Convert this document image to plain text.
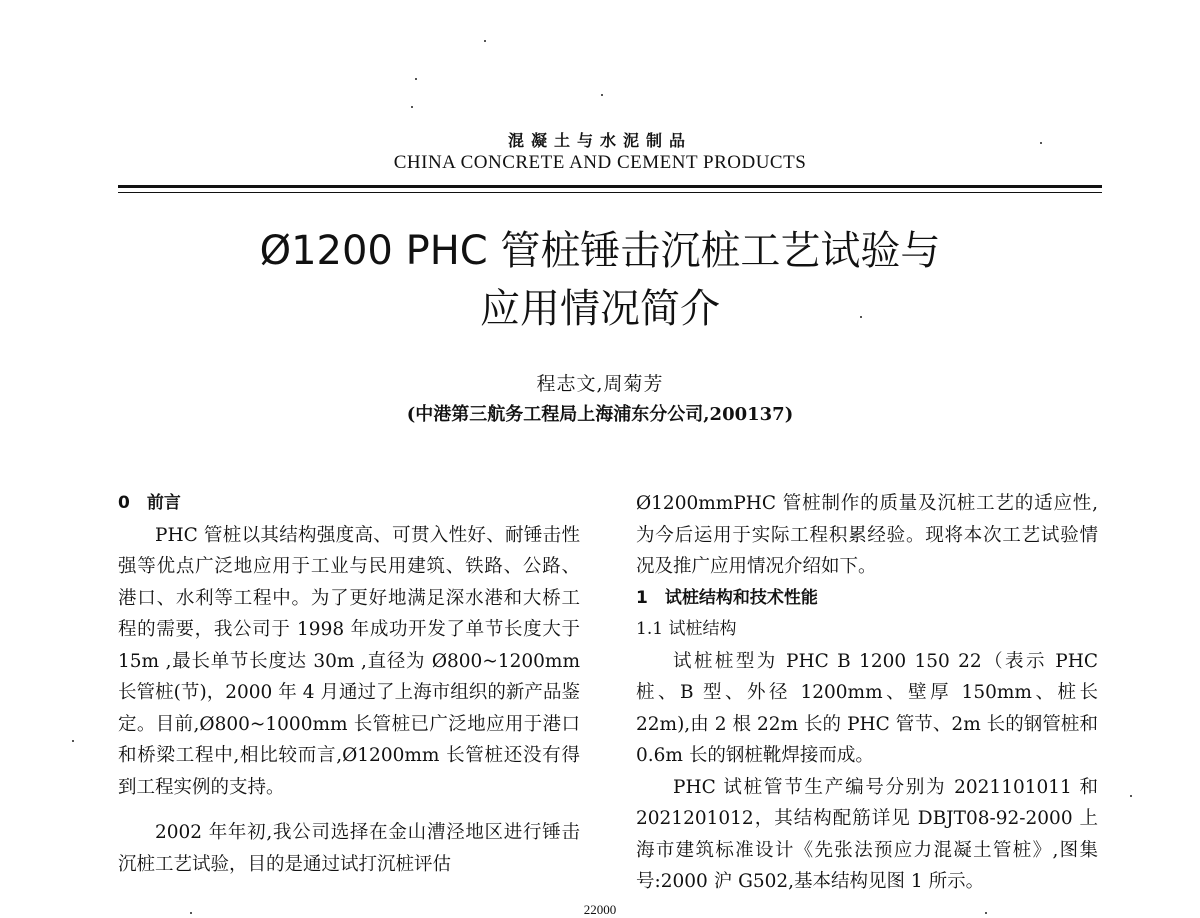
混凝土与水泥制品
CHINA CONCRETE AND CEMENT PRODUCTS
Ø1200 PHC 管桩锤击沉桩工艺试验与
应用情况简介
程志文,周菊芳
(中港第三航务工程局上海浦东分公司,200137)

0　前言

PHC 管桩以其结构强度高、可贯入性好、耐锤击性强等优点广泛地应用于工业与民用建筑、铁路、公路、港口、水利等工程中。为了更好地满足深水港和大桥工程的需要，我公司于 1998 年成功开发了单节长度大于 15m ,最长单节长度达 30m ,直径为 Ø800~1200mm 长管桩(节)，2000 年 4 月通过了上海市组织的新产品鉴定。目前,Ø800~1000mm 长管桩已广泛地应用于港口和桥梁工程中,相比较而言,Ø1200mm 长管桩还没有得到工程实例的支持。

2002 年年初,我公司选择在金山漕泾地区进行锤击沉桩工艺试验，目的是通过试打沉桩评估

Ø1200mmPHC 管桩制作的质量及沉桩工艺的适应性,为今后运用于实际工程积累经验。现将本次工艺试验情况及推广应用情况介绍如下。

1　试桩结构和技术性能

1.1 试桩结构

试桩桩型为 PHC B 1200 150 22（表示 PHC 桩、B 型、外径 1200mm、壁厚 150mm、桩长 22m),由 2 根 22m 长的 PHC 管节、2m 长的钢管桩和 0.6m 长的钢桩靴焊接而成。

PHC 试桩管节生产编号分别为 2021101011 和 2021201012，其结构配筋详见 DBJT08-92-2000 上海市建筑标准设计《先张法预应力混凝土管桩》,图集号:2000 沪 G502,基本结构见图 1 所示。

22000
